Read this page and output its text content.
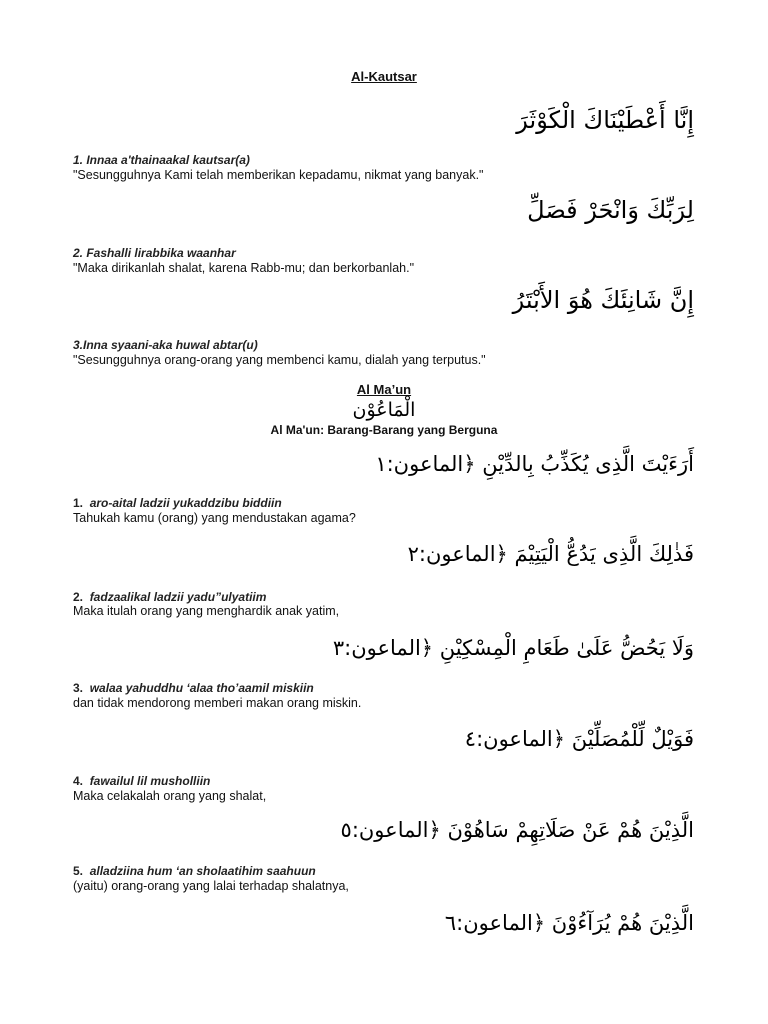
Al-Kautsar
إِنَّا أَعْطَيْنَاكَ الْكَوْثَرَ
1. Innaa a'thainaakal kautsar(a)
"Sesungguhnya Kami telah memberikan kepadamu, nikmat yang banyak."
لِرَبِّكَ وَانْحَرْ فَصَلِّ
2. Fashalli lirabbika waanhar
"Maka dirikanlah shalat, karena Rabb-mu; dan berkorbanlah."
إِنَّ شَانِئَكَ هُوَ الأَبْتَرُ
3.Inna syaani-aka huwal abtar(u)
"Sesungguhnya orang-orang yang membenci kamu, dialah yang terputus."
Al Ma’un
الْمَاعُوْن
Al Ma'un: Barang-Barang yang Berguna
أَرَءَيْتَ الَّذِى يُكَذِّبُ بِالدِّيْنِ ﴿الماعون:١
1. aro-aital ladzii yukaddzibu biddiin
Tahukah kamu (orang) yang mendustakan agama?
فَذٰلِكَ الَّذِى يَدُعُّ الْيَتِيْمَ ﴿الماعون:٢
2. fadzaalikal ladzii yadu”ulyatiim
Maka itulah orang yang menghardik anak yatim,
وَلَا يَحُضُّ عَلَىٰ طَعَامِ الْمِسْكِيْنِ ﴿الماعون:٣
3. walaa yahuddhu ‘alaa tho’aamil miskiin
dan tidak mendorong memberi makan orang miskin.
فَوَيْلٌ لِّلْمُصَلِّيْنَ ﴿الماعون:٤
4. fawailul lil musholliin
Maka celakalah orang yang shalat,
الَّذِيْنَ هُمْ عَنْ صَلَاتِهِمْ سَاهُوْنَ ﴿الماعون:٥
5. alladziina hum ‘an sholaatihim saahuun
(yaitu) orang-orang yang lalai terhadap shalatnya,
الَّذِيْنَ هُمْ يُرَآءُوْنَ ﴿الماعون:٦
